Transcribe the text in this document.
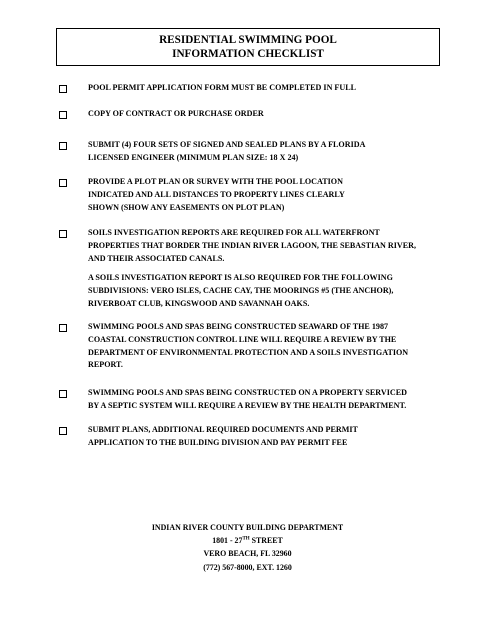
RESIDENTIAL SWIMMING POOL
INFORMATION CHECKLIST
POOL PERMIT APPLICATION FORM MUST BE COMPLETED IN FULL
COPY OF CONTRACT OR PURCHASE ORDER
SUBMIT (4) FOUR SETS OF SIGNED AND SEALED PLANS BY A FLORIDA
LICENSED ENGINEER (MINIMUM PLAN SIZE: 18 X 24)
PROVIDE A PLOT PLAN OR SURVEY WITH THE POOL LOCATION
INDICATED AND ALL DISTANCES TO PROPERTY LINES CLEARLY
SHOWN (SHOW ANY EASEMENTS ON PLOT PLAN)
SOILS INVESTIGATION REPORTS ARE REQUIRED FOR ALL WATERFRONT
PROPERTIES THAT BORDER THE INDIAN RIVER LAGOON, THE SEBASTIAN RIVER,
AND THEIR ASSOCIATED CANALS.
A SOILS INVESTIGATION REPORT IS ALSO REQUIRED FOR THE FOLLOWING
SUBDIVISIONS: VERO ISLES, CACHE CAY, THE MOORINGS #5 (THE ANCHOR),
RIVERBOAT CLUB, KINGSWOOD AND SAVANNAH OAKS.
SWIMMING POOLS AND SPAS BEING CONSTRUCTED SEAWARD OF THE 1987
COASTAL CONSTRUCTION CONTROL LINE WILL REQUIRE A REVIEW BY THE
DEPARTMENT OF ENVIRONMENTAL PROTECTION AND A SOILS INVESTIGATION
REPORT.
SWIMMING POOLS AND SPAS BEING CONSTRUCTED ON A PROPERTY SERVICED
BY A SEPTIC SYSTEM WILL REQUIRE A REVIEW BY THE HEALTH DEPARTMENT.
SUBMIT PLANS, ADDITIONAL REQUIRED DOCUMENTS AND PERMIT
APPLICATION TO THE BUILDING DIVISION AND PAY PERMIT FEE
INDIAN RIVER COUNTY BUILDING DEPARTMENT
1801 - 27TH STREET
VERO BEACH, FL 32960
(772) 567-8000, EXT. 1260
